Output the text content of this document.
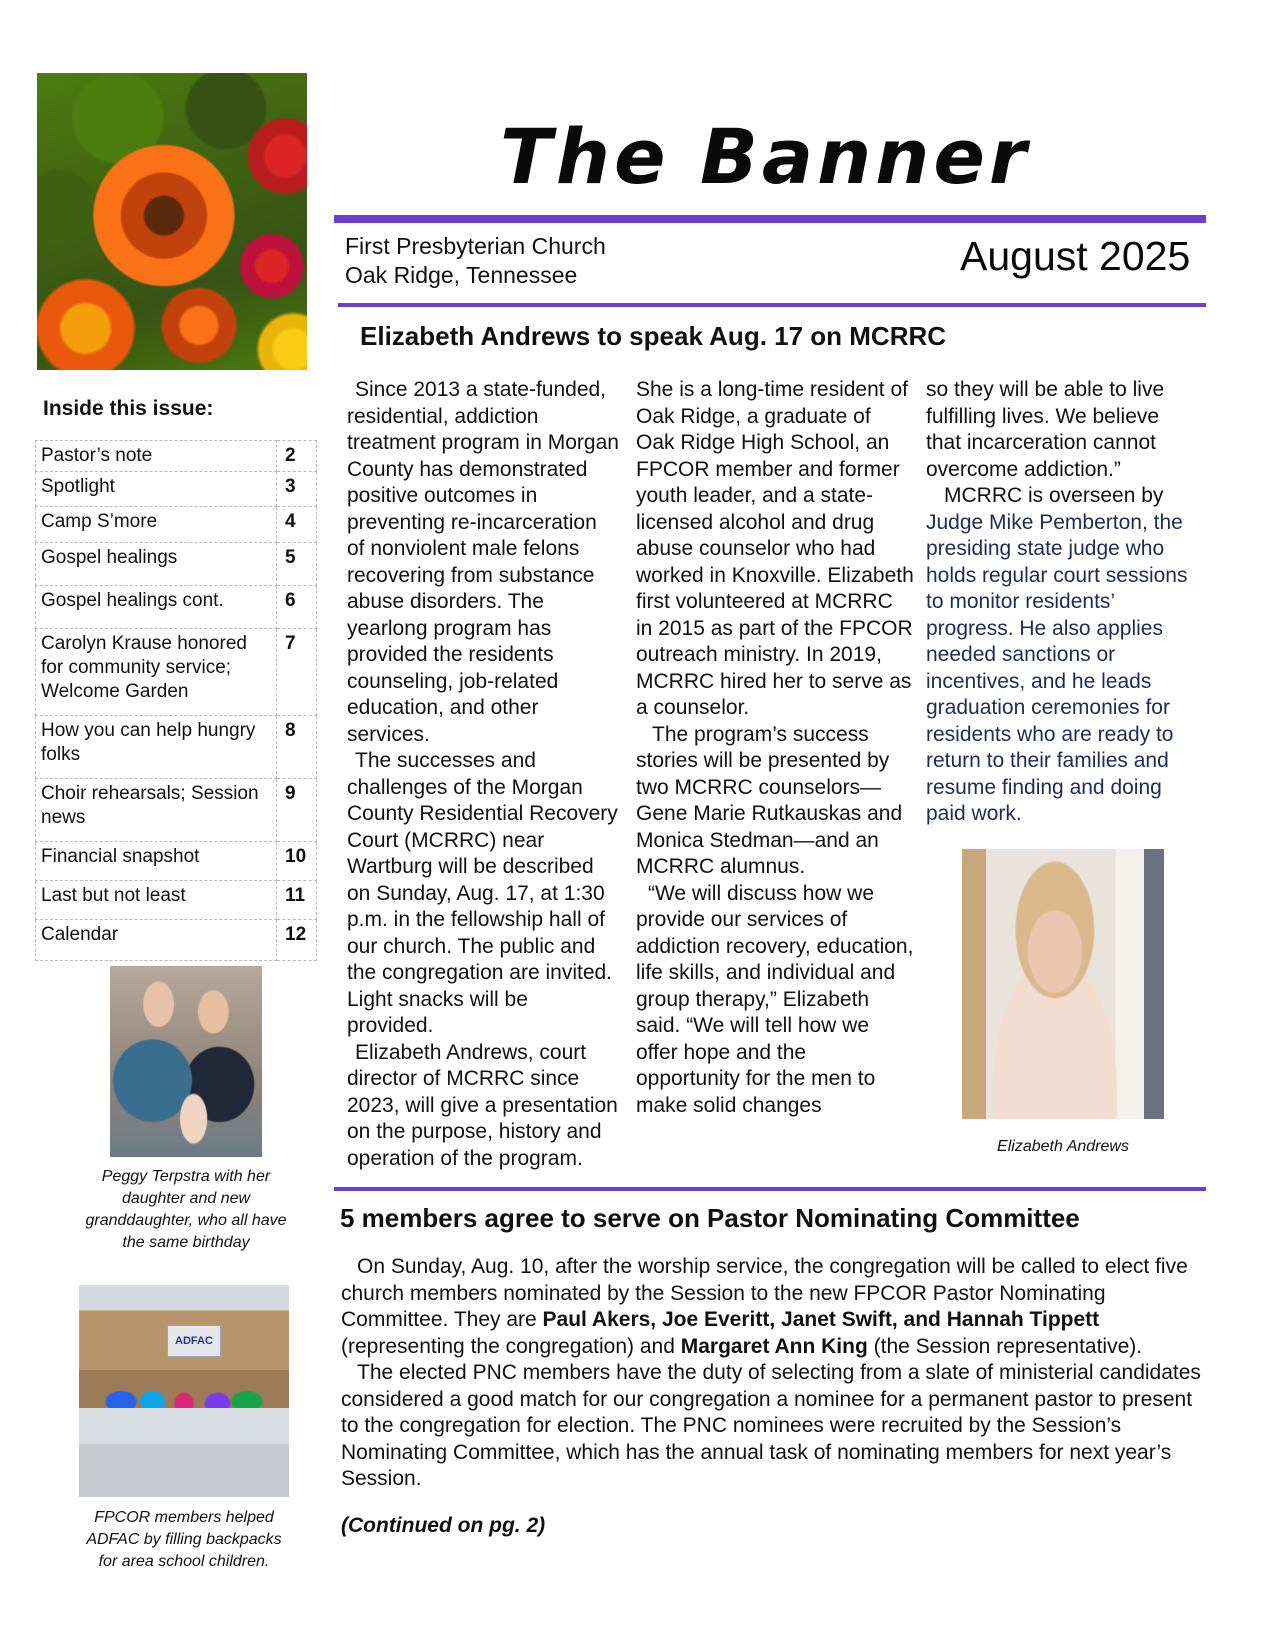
Peggy Terpstra with her daughter and new granddaughter, who all have the same birthday
ADFAC
FPCOR members helped ADFAC by filling backpacks for area school children.
The Banner
First Presbyterian Church
Oak Ridge, Tennessee	August 2025
Inside this issue:
Pastor’s note	2
Spotlight	3
Camp S’more	4
Gospel healings	5
Gospel healings cont.	6
Carolyn Krause honored for community service; Welcome Garden	7
How you can help hungry folks	8
Choir rehearsals; Session news	9
Financial snapshot	10
Last but not least	11
Calendar	12
Elizabeth Andrews to speak Aug. 17 on MCRRC

Since 2013 a state-funded, residential, addiction treatment program in Morgan County has demonstrated positive outcomes in preventing re-incarceration of nonviolent male felons recovering from substance abuse disorders. The yearlong program has provided the residents counseling, job-related education, and other services.

The successes and challenges of the Morgan County Residential Recovery Court (MCRRC) near Wartburg will be described on Sunday, Aug. 17, at 1:30 p.m. in the fellowship hall of our church. The public and the congregation are invited. Light snacks will be provided.

Elizabeth Andrews, court director of MCRRC since 2023, will give a presentation on the purpose, history and operation of the program.

She is a long-time resident of Oak Ridge, a graduate of Oak Ridge High School, an FPCOR member and former youth leader, and a state-licensed alcohol and drug abuse counselor who had worked in Knoxville. Elizabeth first volunteered at MCRRC in 2015 as part of the FPCOR outreach ministry. In 2019, MCRRC hired her to serve as a counselor.

The program’s success stories will be presented by two MCRRC counselors—Gene Marie Rutkauskas and Monica Stedman—and an MCRRC alumnus.

“We will discuss how we provide our services of addiction recovery, education, life skills, and individual and group therapy,” Elizabeth said. “We will tell how we offer hope and the opportunity for the men to make solid changes

so they will be able to live fulfilling lives. We believe that incarceration cannot overcome addiction.”

MCRRC is overseen by Judge Mike Pemberton, the presiding state judge who holds regular court sessions to monitor residents’ progress. He also applies needed sanctions or incentives, and he leads graduation ceremonies for residents who are ready to return to their families and resume finding and doing paid work.

Elizabeth Andrews
5 members agree to serve on Pastor Nominating Committee

On Sunday, Aug. 10, after the worship service, the congregation will be called to elect five church members nominated by the Session to the new FPCOR Pastor Nominating Committee. They are Paul Akers, Joe Everitt, Janet Swift, and Hannah Tippett (representing the congregation) and Margaret Ann King (the Session representative).

The elected PNC members have the duty of selecting from a slate of ministerial candidates considered a good match for our congregation a nominee for a permanent pastor to present to the congregation for election. The PNC nominees were recruited by the Session’s Nominating Committee, which has the annual task of nominating members for next year’s Session.

(Continued on pg. 2)
